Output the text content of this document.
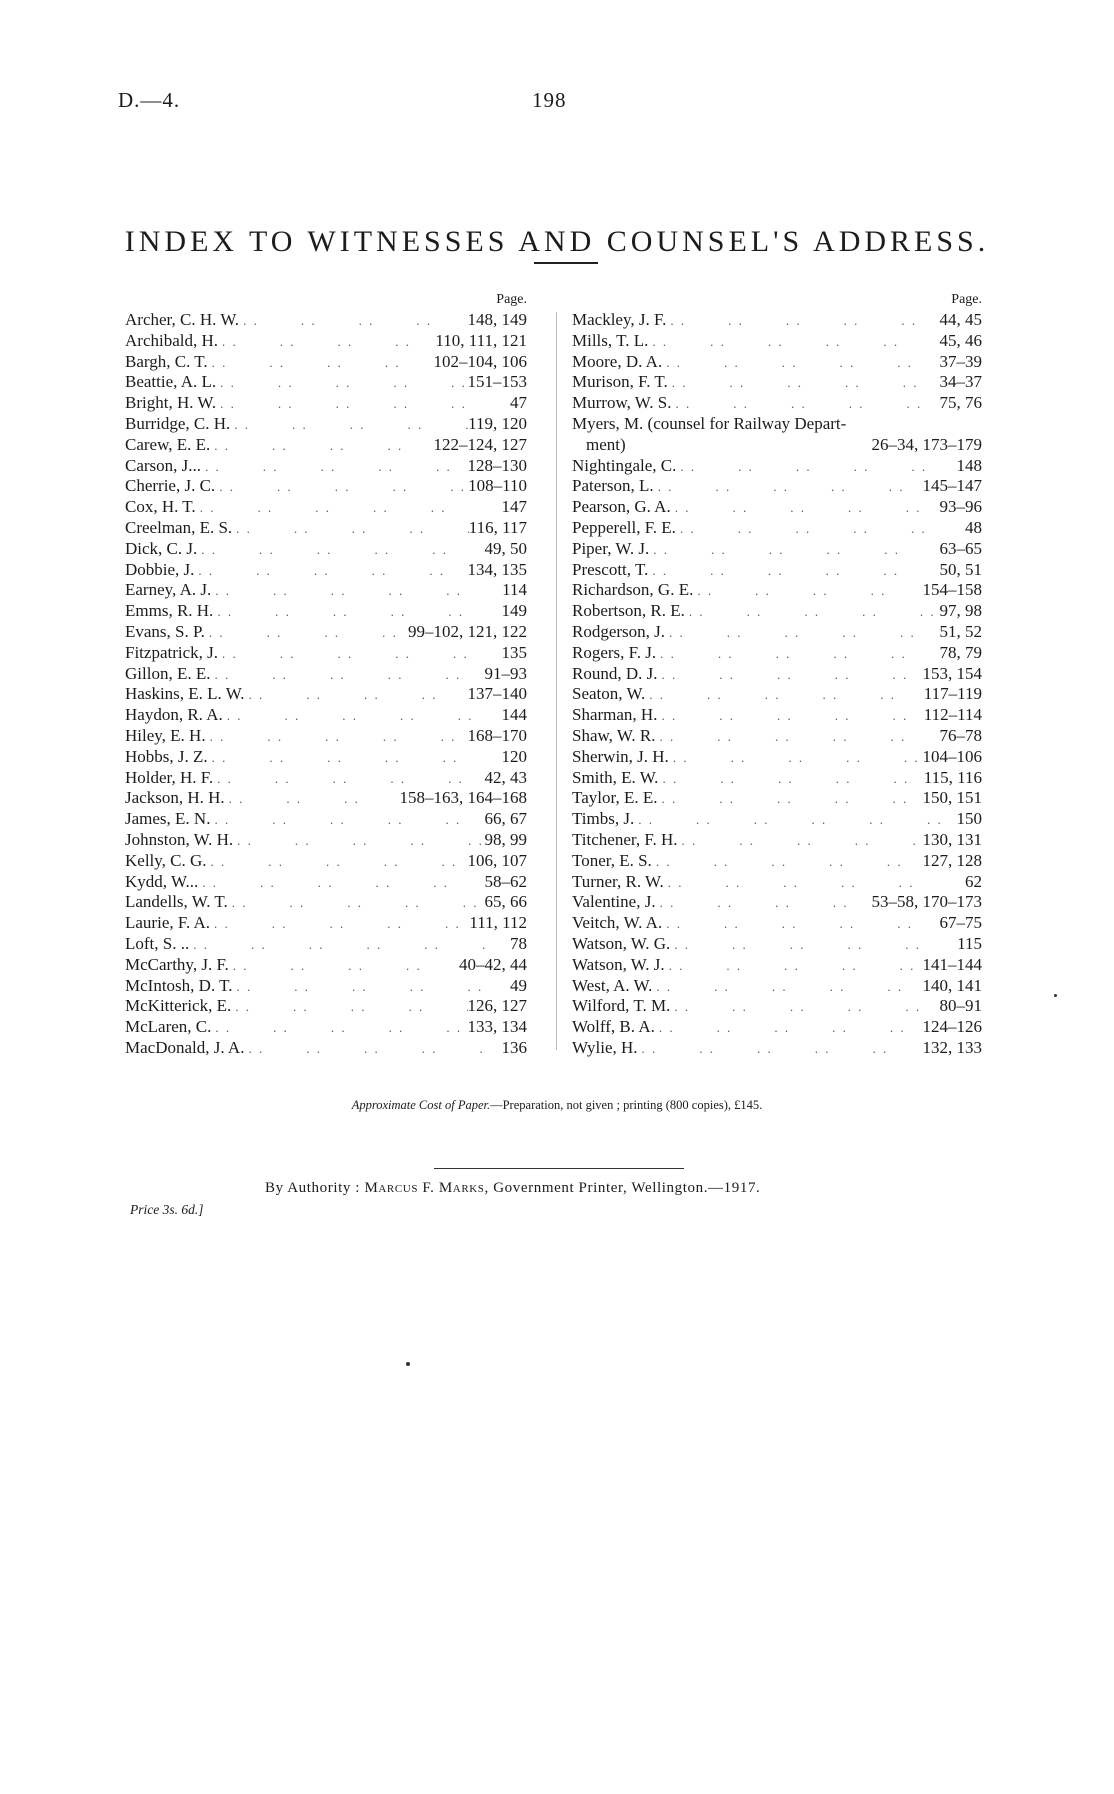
D.—4.	198
INDEX TO WITNESSES AND COUNSEL'S ADDRESS.
Page.
Archer, C. H. W. . .	148, 149
Archibald, H. . .	110, 111, 121
Bargh, C. T. . .	102–104, 106
Beattie, A. L. . .	151–153
Bright, H. W. . .	47
Burridge, C. H. . .	119, 120
Carew, E. E. . .	122–124, 127
Carson, J... . .	128–130
Cherrie, J. C. . .	108–110
Cox, H. T. . .	147
Creelman, E. S. . .	116, 117
Dick, C. J. . .	49, 50
Dobbie, J. . .	134, 135
Earney, A. J. . .	114
Emms, R. H. . .	149
Evans, S. P. . .	99–102, 121, 122
Fitzpatrick, J. . .	135
Gillon, E. E. . .	91–93
Haskins, E. L. W. . .	137–140
Haydon, R. A. . .	144
Hiley, E. H. . .	168–170
Hobbs, J. Z. . .	120
Holder, H. F. . .	42, 43
Jackson, H. H. . .	158–163, 164–168
James, E. N. . .	66, 67
Johnston, W. H. . .	98, 99
Kelly, C. G. . .	106, 107
Kydd, W... . .	58–62
Landells, W. T. . .	65, 66
Laurie, F. A. . .	111, 112
Loft, S. .. . .	78
McCarthy, J. F. . .	40–42, 44
McIntosh, D. T. . .	49
McKitterick, E. . .	126, 127
McLaren, C. . .	133, 134
MacDonald, J. A. . .	136
Page.
Mackley, J. F. . .	44, 45
Mills, T. L. . .	45, 46
Moore, D. A. . .	37–39
Murison, F. T. . .	34–37
Murrow, W. S. . .	75, 76
Myers, M. (counsel for Railway Depart-
ment)	26–34, 173–179
Nightingale, C. . .	148
Paterson, L. . .	145–147
Pearson, G. A. . .	93–96
Pepperell, F. E. . .	48
Piper, W. J. . .	63–65
Prescott, T. . .	50, 51
Richardson, G. E. . .	154–158
Robertson, R. E. . .	97, 98
Rodgerson, J. . .	51, 52
Rogers, F. J. . .	78, 79
Round, D. J. . .	153, 154
Seaton, W. . .	117–119
Sharman, H. . .	112–114
Shaw, W. R. . .	76–78
Sherwin, J. H. . .	104–106
Smith, E. W. . .	115, 116
Taylor, E. E. . .	150, 151
Timbs, J. . .	150
Titchener, F. H. . .	130, 131
Toner, E. S. . .	127, 128
Turner, R. W. . .	62
Valentine, J. . .	53–58, 170–173
Veitch, W. A. . .	67–75
Watson, W. G. . .	115
Watson, W. J. . .	141–144
West, A. W. . .	140, 141
Wilford, T. M. . .	80–91
Wolff, B. A. . .	124–126
Wylie, H. . .	132, 133
Approximate Cost of Paper.—Preparation, not given ; printing (800 copies), £145.
By Authority : Marcus F. Marks, Government Printer, Wellington.—1917.
Price 3s. 6d.]
